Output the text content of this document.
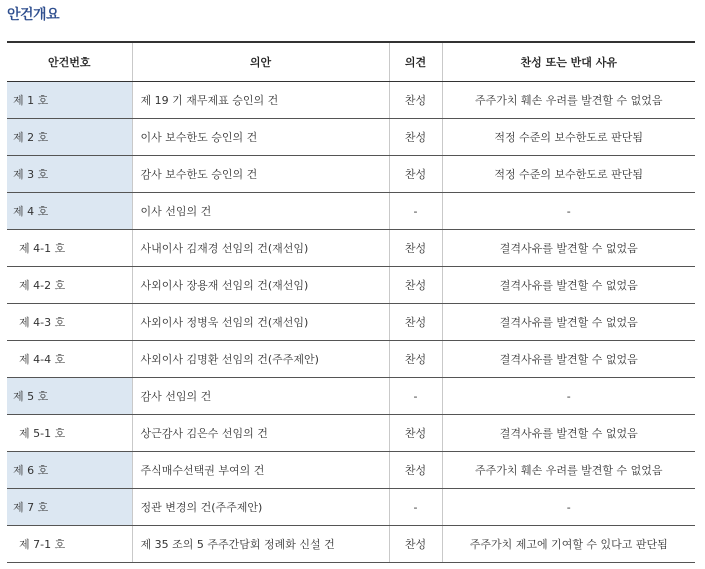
안건개요
안건번호	의안	의견	찬성 또는 반대 사유
제 1 호	제 19 기 재무제표 승인의 건	찬성	주주가치 훼손 우려를 발견할 수 없었음
제 2 호	이사 보수한도 승인의 건	찬성	적정 수준의 보수한도로 판단됨
제 3 호	감사 보수한도 승인의 건	찬성	적정 수준의 보수한도로 판단됨
제 4 호	이사 선임의 건	-	-
제 4-1 호	사내이사 김재경 선임의 건(재선임)	찬성	결격사유를 발견할 수 없었음
제 4-2 호	사외이사 장용재 선임의 건(재선임)	찬성	결격사유를 발견할 수 없었음
제 4-3 호	사외이사 정병욱 선임의 건(재선임)	찬성	결격사유를 발견할 수 없었음
제 4-4 호	사외이사 김명환 선임의 건(주주제안)	찬성	결격사유를 발견할 수 없었음
제 5 호	감사 선임의 건	-	-
제 5-1 호	상근감사 김은수 선임의 건	찬성	결격사유를 발견할 수 없었음
제 6 호	주식매수선택권 부여의 건	찬성	주주가치 훼손 우려를 발견할 수 없었음
제 7 호	정관 변경의 건(주주제안)	-	-
제 7-1 호	제 35 조의 5 주주간담회 정례화 신설 건	찬성	주주가치 제고에 기여할 수 있다고 판단됨
